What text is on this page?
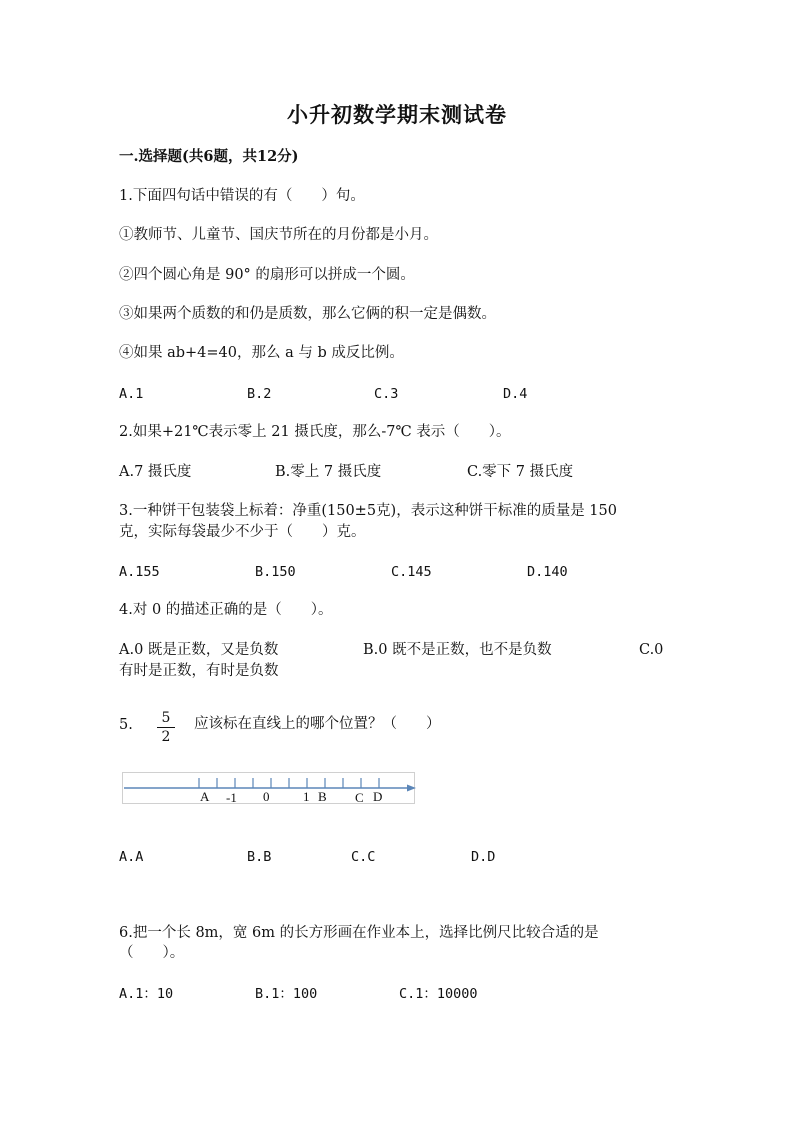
小升初数学期末测试卷
一.选择题(共6题，共12分)
1.下面四句话中错误的有（　　）句。
①教师节、儿童节、国庆节所在的月份都是小月。
②四个圆心角是 90° 的扇形可以拼成一个圆。
③如果两个质数的和仍是质数，那么它俩的积一定是偶数。
④如果 ab+4=40，那么 a 与 b 成反比例。
A.1	B.2	C.3	D.4
2.如果+21℃表示零上 21 摄氏度，那么-7℃ 表示（　　）。
A.7 摄氏度	B.零上 7 摄氏度	C.零下 7 摄氏度
3.一种饼干包装袋上标着：净重(150±5克)，表示这种饼干标准的质量是 150
克，实际每袋最少不少于（　　）克。
A.155	B.150	C.145	D.140
4.对 0 的描述正确的是（　　）。
A.0 既是正数，又是负数	B.0 既不是正数，也不是负数	C.0
有时是正数，有时是负数
5.	5
2
应该标在直线上的哪个位置？（　　）
A -1 0	1 B C D
A.A	B.B	C.C	D.D
6.把一个长 8m，宽 6m 的长方形画在作业本上，选择比例尺比较合适的是
（　　）。
A.1：10	B.1：100	C.1：10000
